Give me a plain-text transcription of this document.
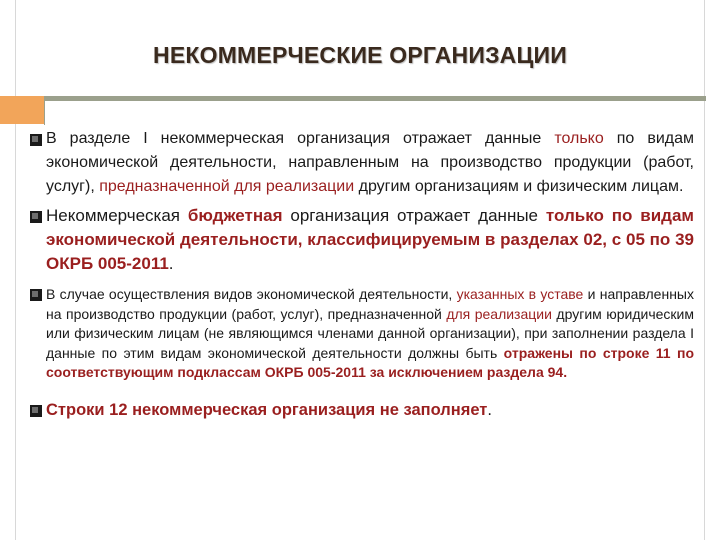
НЕКОММЕРЧЕСКИЕ ОРГАНИЗАЦИИ
В разделе I некоммерческая организация отражает данные только по видам экономической деятельности, направленным на производство продукции (работ, услуг), предназначенной для реализации другим организациям и физическим лицам.
Некоммерческая бюджетная организация отражает данные только по видам экономической деятельности, классифицируемым в разделах 02, с 05 по 39 ОКРБ 005-2011.
В случае осуществления видов экономической деятельности, указанных в уставе и направленных на производство продукции (работ, услуг), предназначенной для реализации другим юридическим или физическим лицам (не являющимся членами данной организации), при заполнении раздела I данные по этим видам экономической деятельности должны быть отражены по строке 11 по соответствующим подклассам ОКРБ 005-2011 за исключением раздела 94.
Строки 12 некоммерческая организация не заполняет.
